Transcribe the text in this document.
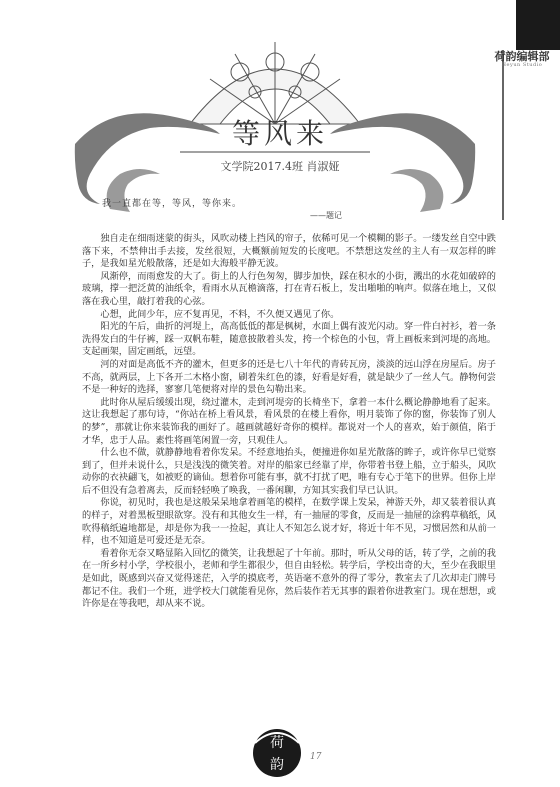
荷韵编辑部
Heyun Studio
等风来
文学院2017.4班 肖淑娅
我一直都在等，等风，等你来。
——题记

独自走在细雨迷蒙的街头，风吹动楼上挡风的帘子，依稀可见一个模糊的影子。一缕发丝自空中跌落下来，不禁伸出手去接，发丝很短，大概额前短发的长度吧。不禁想这发丝的主人有一双怎样的眸子，是我如星光般散落，还是如大海般平静无波。

风渐停，而雨愈发的大了。街上的人行色匆匆，脚步加快，踩在积水的小街，溅出的水花如破碎的玻璃，撑一把泛黄的油纸伞，看雨水从瓦檐滴落，打在青石板上，发出啪啪的响声。似落在地上，又似落在我心里，敲打着我的心弦。

心想，此间少年，应不复再见，不料，不久便又遇见了你。

阳光的午后，曲折的河堤上，高高低低的都是枫树，水面上偶有波光闪动。穿一件白衬衫，着一条洗得发白的牛仔裤，踩一双帆布鞋，随意披散着头发，挎一个棕色的小包，背上画板来到河堤的高地。支起画架，固定画纸，远望。

河的对面是高低不齐的灌木，但更多的还是七八十年代的青砖瓦房，淡淡的远山浮在房屋后。房子不高，就两层，上下各开二木格小窗，刷着朱红色的漆，好看是好看，就是缺少了一丝人气。静物何尝不是一种好的选择，寥寥几笔便将对岸的景色勾勒出来。

此时你从屋后缓缓出现，绕过灌木，走到河堤旁的长椅坐下，拿着一本什么概论静静地看了起来。这让我想起了那句诗，“你站在桥上看风景，看风景的在楼上看你，明月装饰了你的窗，你装饰了别人的梦”，那就让你来装饰我的画好了。越画就越好奇你的模样。都说对一个人的喜欢，始于颜值，陷于才华，忠于人品。素性将画笔闲置一旁，只观佳人。

什么也不做，就静静地看着你发呆。不经意地抬头，便撞进你如星光散落的眸子，或许你早已觉察到了，但并未说什么，只是浅浅的微笑着。对岸的船家已经靠了岸，你带着书登上船，立于船头，风吹动你的衣袂翩飞，如被贬的谪仙。想着你可能有事，就不打扰了吧，唯有专心于笔下的世界。但你上岸后不但没有急着离去，反而轻轻唤了唤我，一番闲聊，方知其实我们早已认识。

你说，初见时，我也是这般呆呆地拿着画笔的模样，在数学课上发呆，神游天外，却又装着很认真的样子，对着黑板望眼欲穿。没有和其他女生一样，有一抽屉的零食，反而是一抽屉的涂鸦草稿纸，风吹得稿纸遍地都是，却是你为我一一捡起，真让人不知怎么说才好，将近十年不见，习惯居然和从前一样，也不知道是可爱还是无奈。

看着你无奈又略显陷入回忆的微笑，让我想起了十年前。那时，听从父母的话，转了学，之前的我在一所乡村小学，学校很小，老师和学生都很少，但自由轻松。转学后，学校出奇的大，至少在我眼里是如此，既感到兴奋又觉得迷茫，入学的摸底考，英语毫不意外的得了零分，教室去了几次却走门牌号都记不住。我们一个班，进学校大门就能看见你，然后装作若无其事的跟着你进教室门。现在想想，或许你是在等我吧，却从来不说。

荷
韵	17
